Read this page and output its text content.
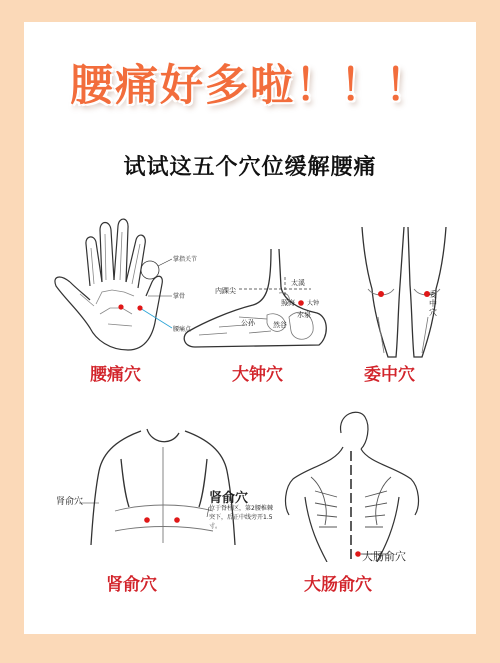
腰痛好多啦！！！
试试这五个穴位缓解腰痛
掌指关节
掌骨
腰痛点
腰痛穴
内踝尖
太溪
大钟
照海
水泉
公孙	然谷
大钟穴
委中穴
委中穴
肾俞穴	肾俞穴
位于脊柱区，第2腰椎棘
突下，后正中线旁开1.5
寸。
肾俞穴
大肠俞穴
大肠俞穴
